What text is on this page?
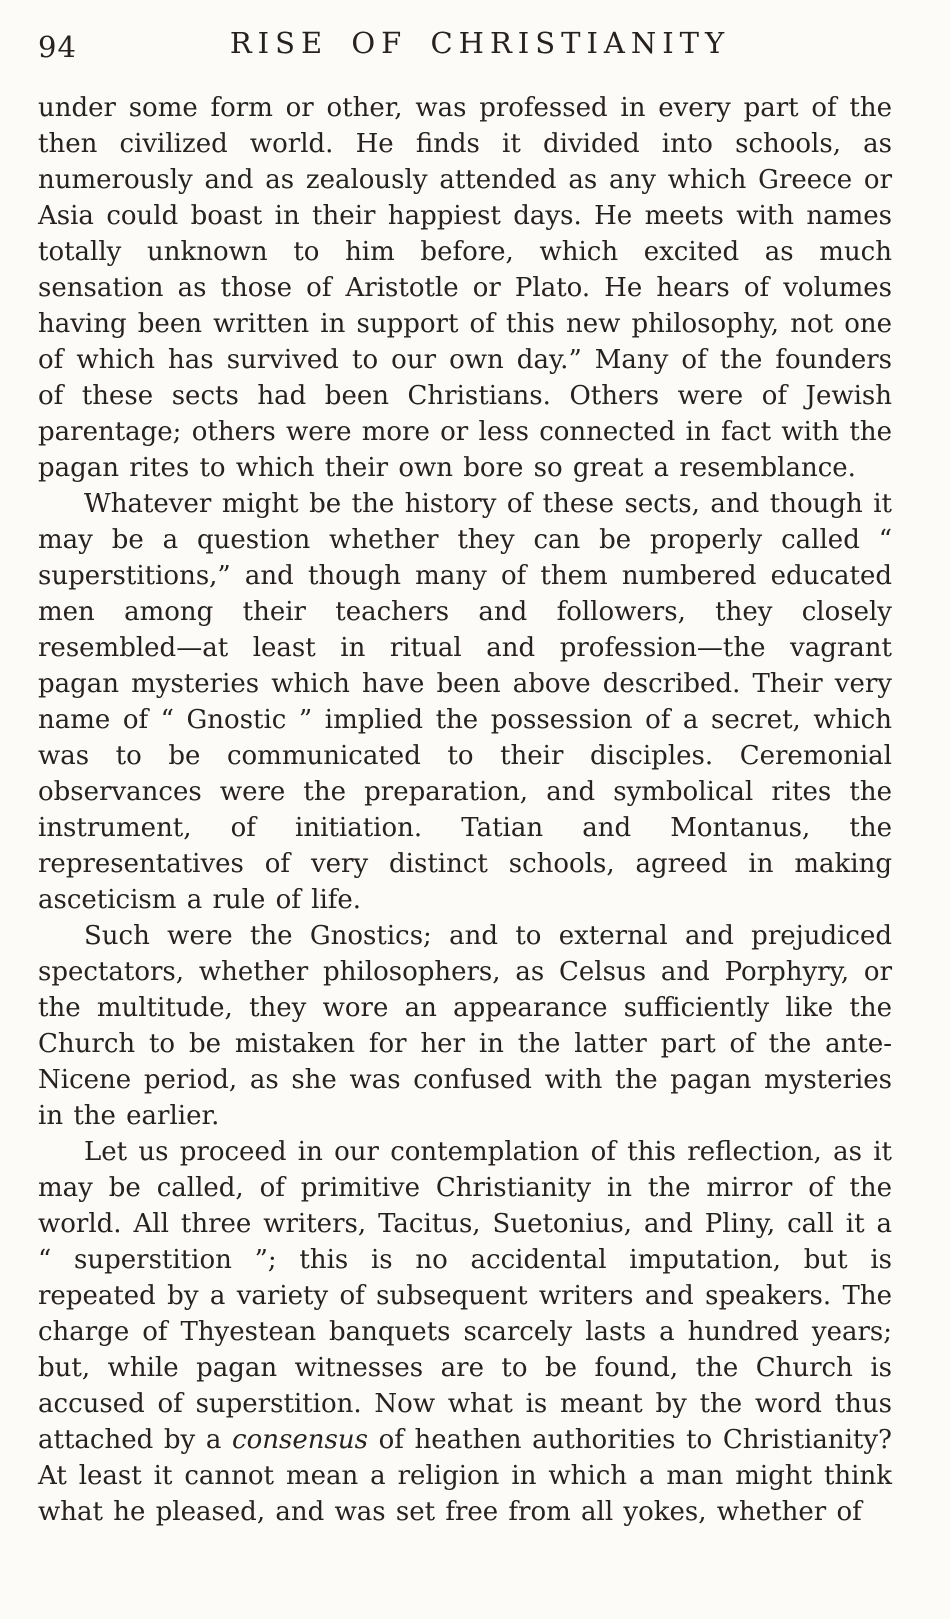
94	RISE OF CHRISTIANITY

under some form or other, was professed in every part of the then civilized world. He finds it divided into schools, as numerously and as zealously attended as any which Greece or Asia could boast in their happiest days. He meets with names totally unknown to him before, which excited as much sensation as those of Aristotle or Plato. He hears of volumes having been written in support of this new philosophy, not one of which has survived to our own day.” Many of the founders of these sects had been Christians. Others were of Jewish parentage; others were more or less connected in fact with the pagan rites to which their own bore so great a resemblance.

Whatever might be the history of these sects, and though it may be a question whether they can be properly called “ superstitions,” and though many of them numbered educated men among their teachers and followers, they closely resembled—at least in ritual and profession—the vagrant pagan mysteries which have been above described. Their very name of “ Gnostic ” implied the possession of a secret, which was to be communicated to their disciples. Ceremonial observances were the preparation, and symbolical rites the instrument, of initiation. Tatian and Montanus, the representatives of very distinct schools, agreed in making asceticism a rule of life.

Such were the Gnostics; and to external and prejudiced spectators, whether philosophers, as Celsus and Porphyry, or the multitude, they wore an appearance sufficiently like the Church to be mistaken for her in the latter part of the ante-Nicene period, as she was confused with the pagan mysteries in the earlier.

Let us proceed in our contemplation of this reflection, as it may be called, of primitive Christianity in the mirror of the world. All three writers, Tacitus, Suetonius, and Pliny, call it a “ superstition ”; this is no accidental imputation, but is repeated by a variety of subsequent writers and speakers. The charge of Thyestean banquets scarcely lasts a hundred years; but, while pagan witnesses are to be found, the Church is accused of superstition. Now what is meant by the word thus attached by a consensus of heathen authorities to Christianity? At least it cannot mean a religion in which a man might think what he pleased, and was set free from all yokes, whether of
